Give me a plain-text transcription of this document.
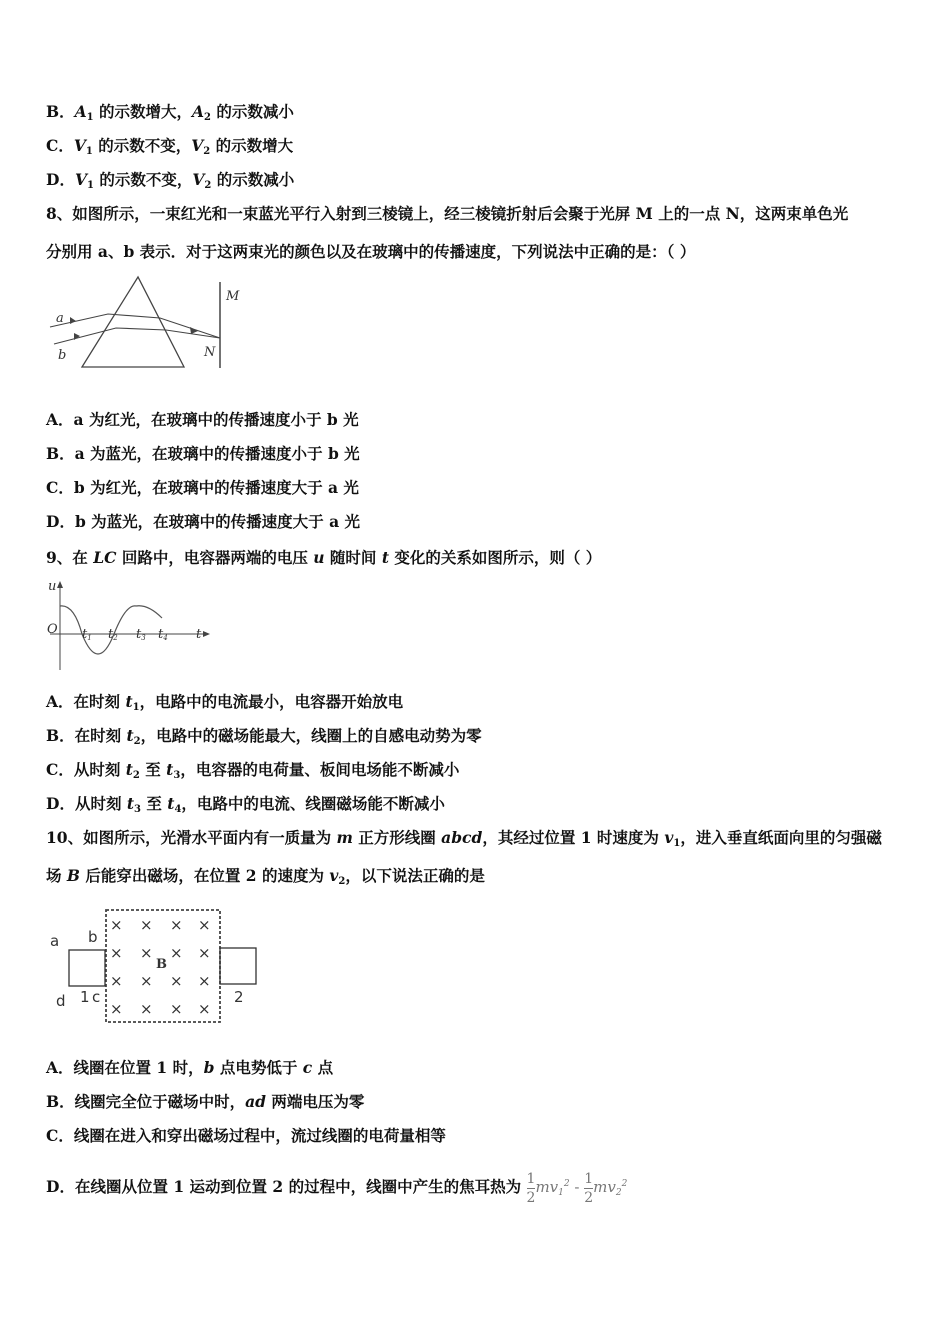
B．$A_1$ 的示数增大，$A_2$ 的示数减小
C．$V_1$ 的示数不变，$V_2$ 的示数增大
D．$V_1$ 的示数不变，$V_2$ 的示数减小
8、如图所示，一束红光和一束蓝光平行入射到三棱镜上，经三棱镜折射后会聚于光屏 M 上的一点 N，这两束单色光
分别用 a、b 表示．对于这两束光的颜色以及在玻璃中的传播速度，下列说法中正确的是：（ ）
a
b
M
N
A．a 为红光，在玻璃中的传播速度小于 b 光
B．a 为蓝光，在玻璃中的传播速度小于 b 光
C．b 为红光，在玻璃中的传播速度大于 a 光
D．b 为蓝光，在玻璃中的传播速度大于 a 光
9、在 LC 回路中，电容器两端的电压 u 随时间 t 变化的关系如图所示，则（ ）
u
O	t
t1 t2 t3 t4
A．在时刻 $t_1$，电路中的电流最小，电容器开始放电
B．在时刻 $t_2$，电路中的磁场能最大，线圈上的自感电动势为零
C．从时刻 $t_2$ 至 $t_3$，电容器的电荷量、板间电场能不断减小
D．从时刻 $t_3$ 至 $t_4$，电路中的电流、线圈磁场能不断减小
10、如图所示，光滑水平面内有一质量为 m 正方形线圈 abcd，其经过位置 1 时速度为 $v_1$，进入垂直纸面向里的匀强磁
场 B 后能穿出磁场，在位置 2 的速度为 $v_2$，以下说法正确的是
× × × ×
× × × ×
× × × ×
× × × ×
B
a b
d 1 c	2
A．线圈在位置 1 时，b 点电势低于 c 点
B．线圈完全位于磁场中时，ad 两端电压为零
C．线圈在进入和穿出磁场过程中，流过线圈的电荷量相等
D．在线圈从位置 1 运动到位置 2 的过程中，线圈中产生的焦耳热为 $\frac{1}{2} mv_1^2 - \frac{1}{2} mv_2^2$
